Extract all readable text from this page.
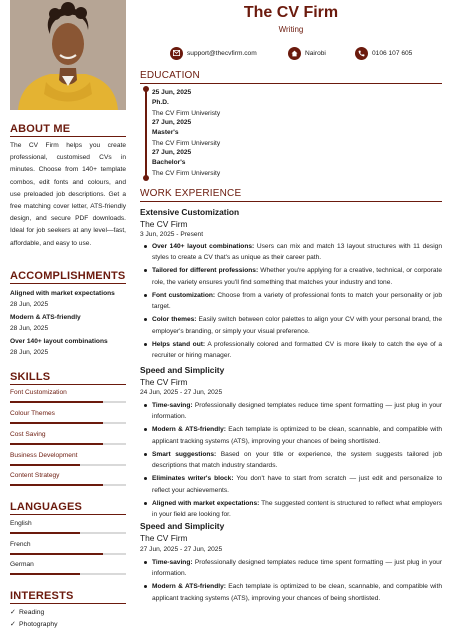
ABOUT ME

The CV Firm helps you create professional, customised CVs in minutes. Choose from 140+ template combos, edit fonts and colours, and use preloaded job descriptions. Get a free matching cover letter, ATS-friendly design, and secure PDF downloads. Ideal for job seekers at any level—fast, affordable, and easy to use.

ACCOMPLISHMENTS
Aligned with market expectations
28 Jun, 2025
Modern & ATS-friendly
28 Jun, 2025
Over 140+ layout combinations
28 Jun, 2025
SKILLS
Font Customization
Colour Themes
Cost Saving
Business Development
Content Strategy
LANGUAGES
English
French
German
INTERESTS
✓ Reading
✓ Photography
The CV Firm
Writing
support@thecvfirm.com	Nairobi	0106 107 605
EDUCATION
25 Jun, 2025
Ph.D.
The CV Firm Univeristy
27 Jun, 2025
Master's
The CV Firm University
27 Jun, 2025
Bachelor's
The CV Firm University
WORK EXPERIENCE
Extensive Customization
The CV Firm
3 Jun, 2025 - Present
Over 140+ layout combinations: Users can mix and match 13 layout structures with 11 design styles to create a CV that's as unique as their career path.
Tailored for different professions: Whether you're applying for a creative, technical, or corporate role, the variety ensures you'll find something that matches your industry and tone.
Font customization: Choose from a variety of professional fonts to match your personality or job target.
Color themes: Easily switch between color palettes to align your CV with your personal brand, the employer's branding, or simply your visual preference.
Helps stand out: A professionally colored and formatted CV is more likely to catch the eye of a recruiter or hiring manager.
Speed and Simplicity
The CV Firm
24 Jun, 2025 - 27 Jun, 2025
Time-saving: Professionally designed templates reduce time spent formatting — just plug in your information.
Modern & ATS-friendly: Each template is optimized to be clean, scannable, and compatible with applicant tracking systems (ATS), improving your chances of being shortlisted.
Smart suggestions: Based on your title or experience, the system suggests tailored job descriptions that match industry standards.
Eliminates writer's block: You don't have to start from scratch — just edit and personalize to reflect your achievements.
Aligned with market expectations: The suggested content is structured to reflect what employers in your field are looking for.
Speed and Simplicity
The CV Firm
27 Jun, 2025 - 27 Jun, 2025
Time-saving: Professionally designed templates reduce time spent formatting — just plug in your information.
Modern & ATS-friendly: Each template is optimized to be clean, scannable, and compatible with applicant tracking systems (ATS), improving your chances of being shortlisted.
